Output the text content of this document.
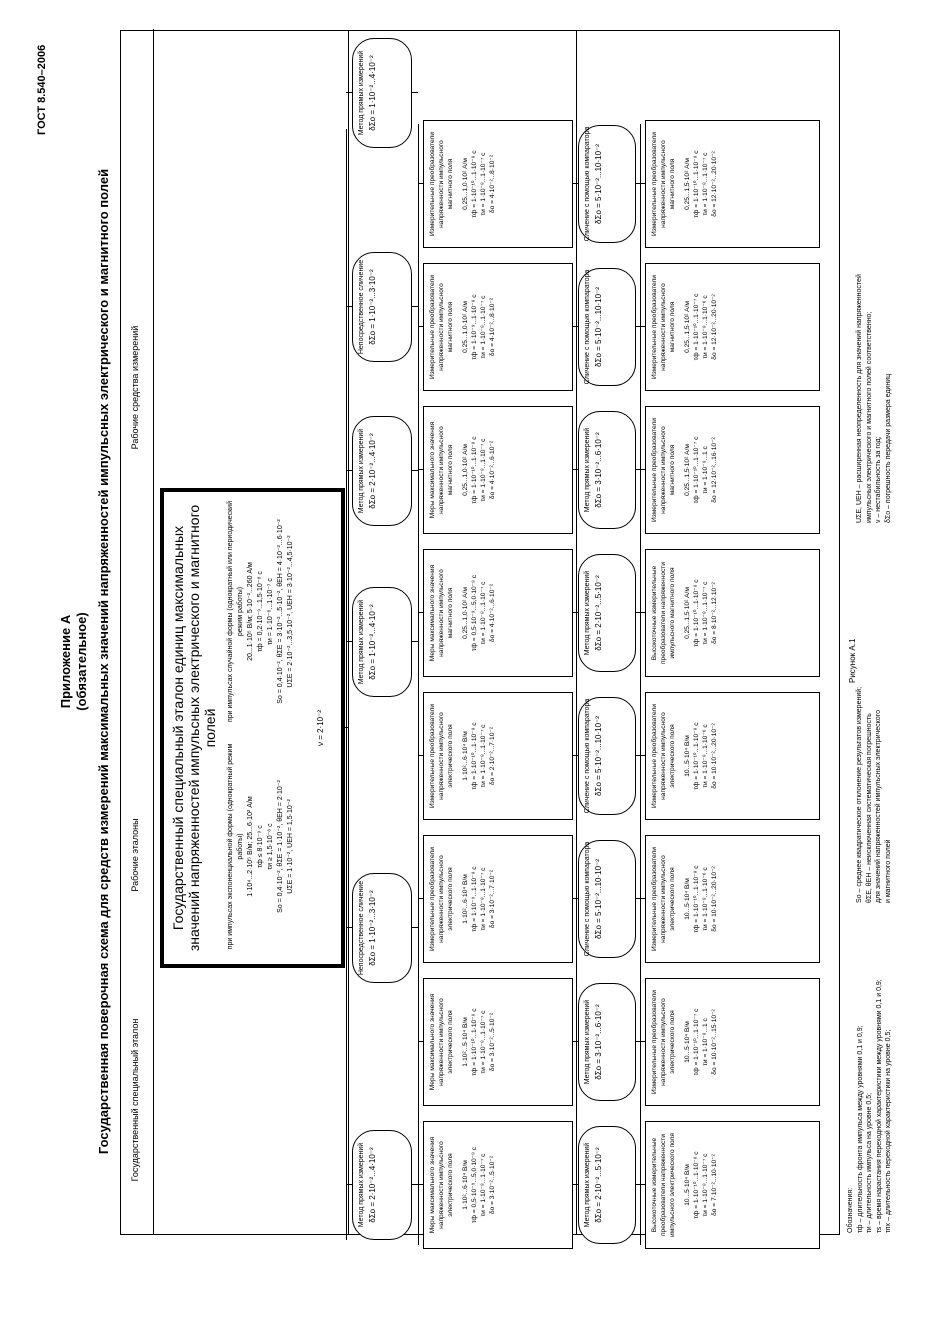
ГОСТ 8.540–2006
Приложение А (обязательное) Государственная поверочная схема для средств измерений максимальных значений напряженностей импульсных электрического и магнитного полей Государственный специальный эталон
Рабочие эталоны
Рабочие средства измерений
Государственный специальный эталон единиц максимальных значений напряженностей импульсных электрического и магнитного полей
при импульсах экспоненциальной формы (однократный режим работы) 1·10⁴...2·10⁵ В/м; 25...6·10² А/м τф ≤ 8·10⁻⁹ с τи ≥ 1,5·10⁻⁶ с Sо = 0,4·10⁻², θΣЕ = 1·10⁻², θEH = 2·10⁻² UΣЕ = 1·10⁻², UEH = 1,5·10⁻²
при импульсах случайной формы (однократный или периодический режим работы) 20...1·10⁵ В/м; 5·10⁻²...260 А/м τф = 0,2·10⁻⁹...1,5·10⁻⁸ с τи = 1·10⁻⁸...1·10⁻⁷ с Sо = 0,4·10⁻², θΣЕ = 3·10⁻²...5·10⁻², θEH = 4·10⁻²...6·10⁻² UΣЕ = 2·10⁻²...3,5·10⁻², UEH = 3·10⁻²...4,5·10⁻²
ν = 2·10⁻²
Рисунок А.1
Метод прямых измерений δΣо = 2·10⁻²...4·10⁻²
Непосредственное сличение δΣо = 1·10⁻²...3·10⁻²
Метод прямых измерений δΣо = 1·10⁻²...4·10⁻²
Метод прямых измерений δΣо = 2·10⁻²...4·10⁻²
Непосредственное сличение δΣо = 1·10⁻²...3·10⁻²
Метод прямых измерений δΣо = 1·10⁻²...4·10⁻²
Меры максимального значения напряженности импульсного электрического поля 1·10²...6·10⁴ В/м τф = 0,5·10⁻⁹...5,0·10⁻⁸ с τи = 1·10⁻⁸...1·10⁻⁷ с δо = 3·10⁻²...5·10⁻²
Меры максимального значения напряженности импульсного электрического поля 1·10²...5·10⁴ В/м τф = 1·10⁻¹⁰...1·10⁻⁸ с τи = 1·10⁻⁸...1·10⁻⁷ с δо = 3·10⁻²...5·10⁻²
Измерительные преобразователи напряженности импульсного электрического поля 1·10²...6·10⁴ В/м τф = 1·10⁻⁹...1·10⁻⁸ с τи = 1·10⁻⁸...1·10⁻⁷ с δо = 3·10⁻²...7·10⁻²
Измерительные преобразователи напряженности импульсного электрического поля 1·10²...6·10⁴ В/м τф = 1·10⁻¹⁰...1·10⁻⁸ с τи = 1·10⁻⁸...1·10⁻⁷ с δо = 2·10⁻²...7·10⁻²
Меры максимального значения напряженности импульсного магнитного поля 0,25...1,0·10² А/м τф = 0,5·10⁻⁹...5,0·10⁻⁸ с τи = 1·10⁻⁸...1·10⁻⁷ с δо = 4·10⁻²...6·10⁻²
Меры максимального значения напряженности импульсного магнитного поля 0,25...1,0·10² А/м τф = 1·10⁻¹⁰...1·10⁻⁸ с τи = 1·10⁻⁸...1·10⁻⁷ с δо = 4·10⁻²...6·10⁻²
Измерительные преобразователи напряженности импульсного магнитного поля 0,25...1,0·10² А/м τф = 1·10⁻⁹...1·10⁻⁸ с τи = 1·10⁻⁸...1·10⁻⁷ с δо = 4·10⁻²...8·10⁻²
Измерительные преобразователи напряженности импульсного магнитного поля 0,25...1,0·10² А/м τф = 1·10⁻¹⁰...1·10⁻⁸ с τи = 1·10⁻⁸...1·10⁻⁷ с δо = 4·10⁻²...8·10⁻²
Метод прямых измерений δΣо = 2·10⁻²...5·10⁻²
Метод прямых измерений δΣо = 3·10⁻²...6·10⁻²
Сличение с помощью компаратора δΣо = 5·10⁻²...10·10⁻²
Сличение с помощью компаратора δΣо = 5·10⁻²...10·10⁻²
Метод прямых измерений δΣо = 2·10⁻²...5·10⁻²
Метод прямых измерений δΣо = 3·10⁻²...6·10⁻²
Сличение с помощью компаратора δΣо = 5·10⁻²...10·10⁻²
Сличение с помощью компаратора δΣо = 5·10⁻²...10·10⁻²
Высокоточные измерительные преобразователи напряженности импульсного электрического поля 10...5·10⁴ В/м τф = 1·10⁻¹⁰...1·10⁻⁸ с τи = 1·10⁻⁸...1·10⁻⁷ с δо = 7·10⁻²...10·10⁻²
Измерительные преобразователи напряженности импульсного электрического поля 10...5·10⁴ В/м τф = 1·10⁻¹⁰...1·10⁻⁷ с τи = 1·10⁻⁸...1 с δо = 10·10⁻²...15·10⁻²
Измерительные преобразователи напряженности импульсного электрического поля 10...5·10⁴ В/м τф = 1·10⁻¹⁰...1·10⁻⁸ с τи = 1·10⁻⁸...1·10⁻⁶ с δо = 10·10⁻²...20·10⁻²
Измерительные преобразователи напряженности импульсного электрического поля 10...5·10⁴ В/м τф = 1·10⁻¹⁰...1·10⁻⁸ с τи = 1·10⁻⁸...1·10⁻⁶ с δо = 10·10⁻²...20·10⁻²
Высокоточные измерительные преобразователи напряженности импульсного магнитного поля 0,25...1,5·10² А/м τф = 1·10⁻¹⁰...1·10⁻⁸ с τи = 1·10⁻⁸...1·10⁻⁷ с δо = 8·10⁻²...12·10⁻²
Измерительные преобразователи напряженности импульсного магнитного поля 0,25...1,5·10² А/м τф = 1·10⁻¹⁰...1·10⁻⁷ с τи = 1·10⁻⁸...1 с δо = 12·10⁻²...16·10⁻²
Измерительные преобразователи напряженности импульсного магнитного поля 0,25...1,5·10² А/м τф = 1·10⁻¹⁰...1·10⁻⁷ с τи = 1·10⁻⁸...1·10⁻⁶ с δо = 12·10⁻²...20·10⁻²
Измерительные преобразователи напряженности импульсного магнитного поля 0,25...1,5·10² А/м τф = 1·10⁻¹⁰...1·10⁻⁸ с τи = 1·10⁻⁸...1·10⁻⁷ с δо = 12·10⁻²...20·10⁻²
Обозначения: τф – длительность фронта импульса между уровнями 0,1 и 0,9; τи – длительность импульса на уровне 0,5; τs – время нарастания переходной характеристики между уровнями 0,1 и 0,9; τпх – длительность переходной характеристики на уровне 0,5;
Sо – среднее квадратическое отклонение результатов измерений; θΣЕ, θEH – неисключенная систематическая погрешность для значений напряженностей импульсных электрического и магнитного полей
UΣЕ, UEH – расширенная неопределенность для значений напряженностей импульсных электрического и магнитного полей соответственно; ν – нестабильность за год; δΣо – погрешность передачи размера единиц
